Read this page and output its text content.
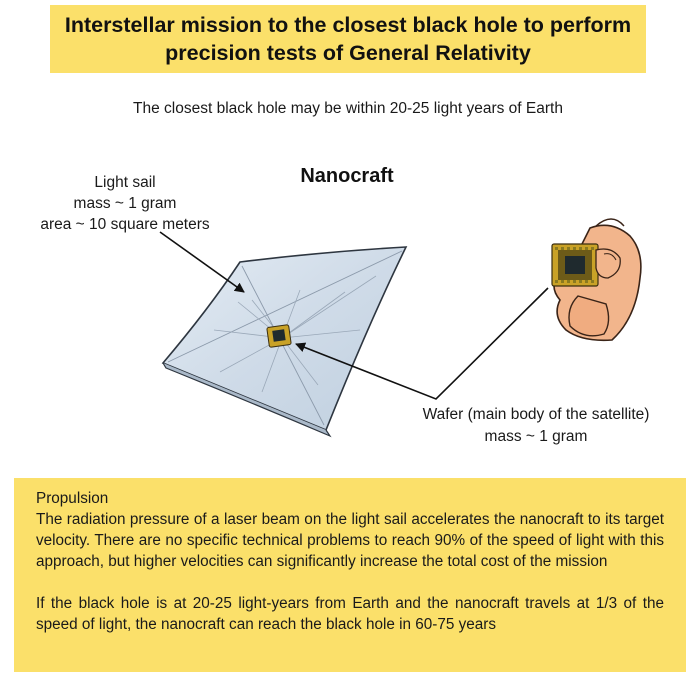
Interstellar mission to the closest black hole to perform
precision tests of General Relativity
The closest black hole may be within 20-25 light years of Earth
Nanocraft
Light sail
mass ~ 1 gram
area ~ 10 square meters
Wafer (main body of the satellite)
mass ~ 1 gram

Propulsion

The radiation pressure of a laser beam on the light sail accelerates the nanocraft to its target velocity. There are no specific technical problems to reach 90% of the speed of light with this approach, but higher velocities can significantly increase the total cost of the mission

If the black hole is at 20-25 light-years from Earth and the nanocraft travels at 1/3 of the speed of light, the nanocraft can reach the black hole in 60-75 years
